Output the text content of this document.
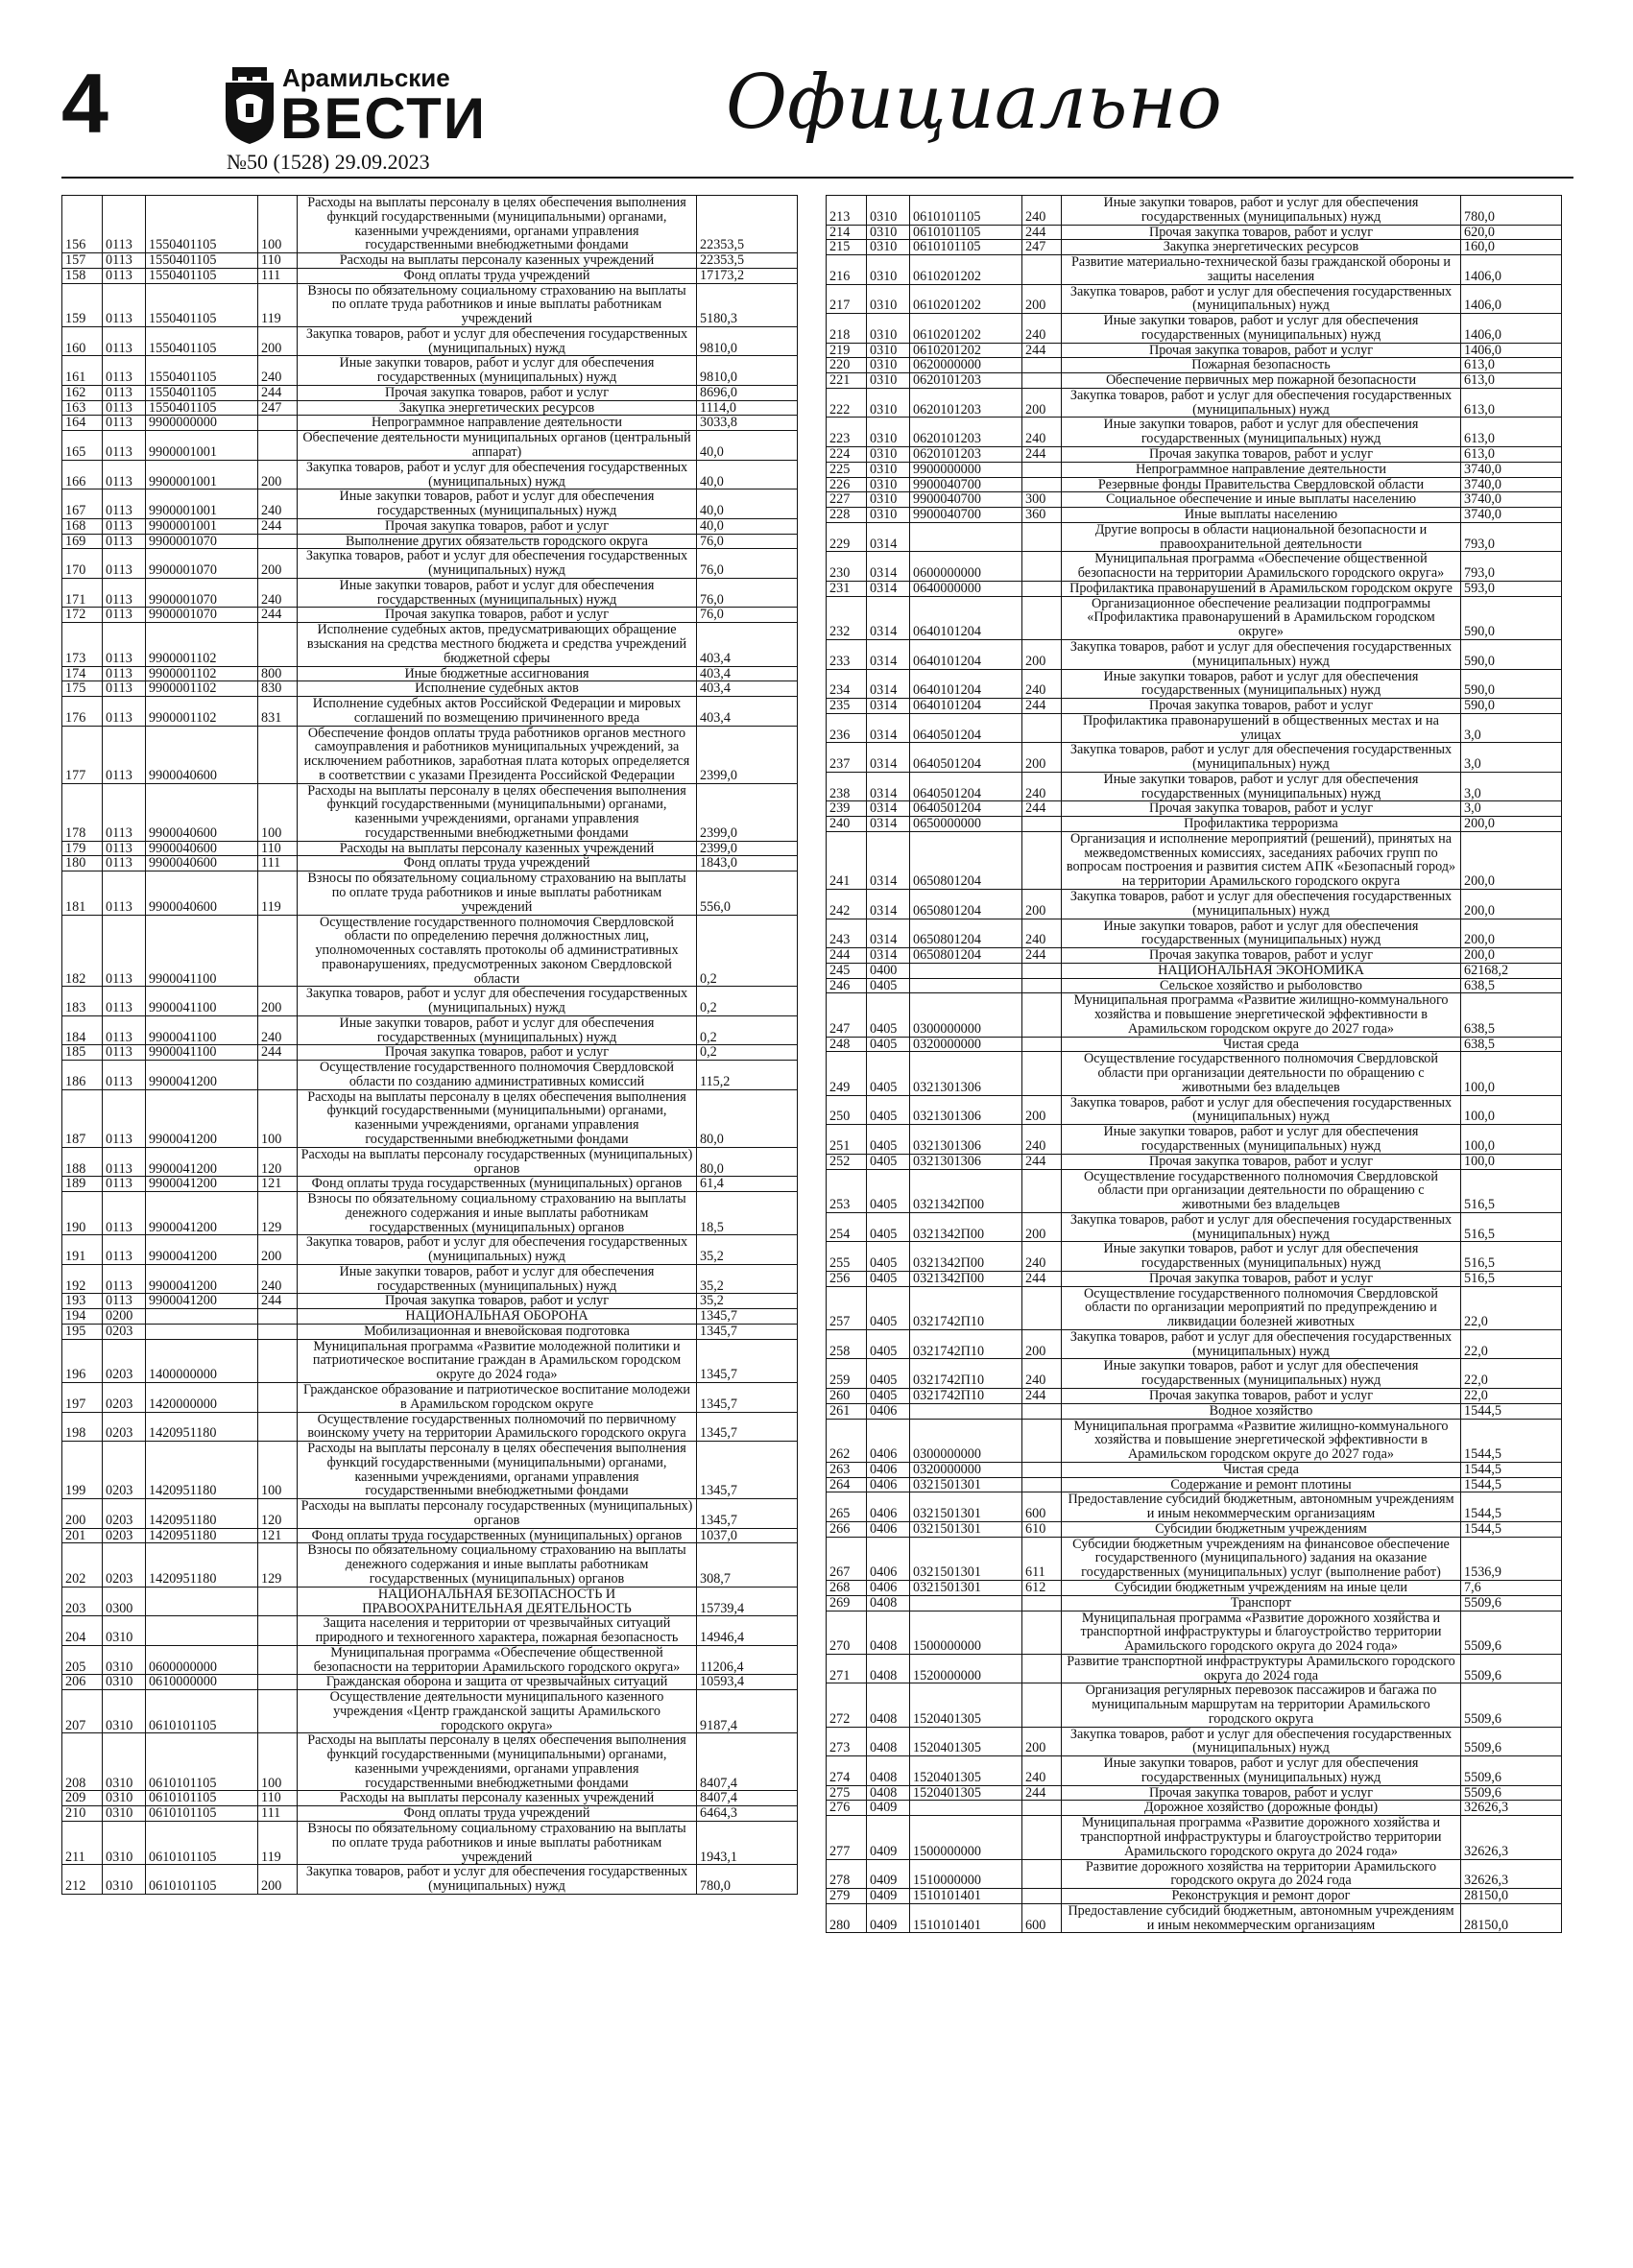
4	Арамильские
ВЕСТИ
№50 (1528) 29.09.2023
Официально
156	0113	1550401105	100	Расходы на выплаты персоналу в целях обеспечения выполнения функций государственными (муниципальными) органами, казенными учреждениями, органами управления государственными внебюджетными фондами	22353,5
157	0113	1550401105	110	Расходы на выплаты персоналу казенных учреждений	22353,5
158	0113	1550401105	111	Фонд оплаты труда учреждений	17173,2
159	0113	1550401105	119	Взносы по обязательному социальному страхованию на выплаты по оплате труда работников и иные выплаты работникам учреждений	5180,3
160	0113	1550401105	200	Закупка товаров, работ и услуг для обеспечения государственных (муниципальных) нужд	9810,0
161	0113	1550401105	240	Иные закупки товаров, работ и услуг для обеспечения государственных (муниципальных) нужд	9810,0
162	0113	1550401105	244	Прочая закупка товаров, работ и услуг	8696,0
163	0113	1550401105	247	Закупка энергетических ресурсов	1114,0
164	0113	9900000000		Непрограммное направление деятельности	3033,8
165	0113	9900001001		Обеспечение деятельности муниципальных органов (центральный аппарат)	40,0
166	0113	9900001001	200	Закупка товаров, работ и услуг для обеспечения государственных (муниципальных) нужд	40,0
167	0113	9900001001	240	Иные закупки товаров, работ и услуг для обеспечения государственных (муниципальных) нужд	40,0
168	0113	9900001001	244	Прочая закупка товаров, работ и услуг	40,0
169	0113	9900001070		Выполнение других обязательств городского округа	76,0
170	0113	9900001070	200	Закупка товаров, работ и услуг для обеспечения государственных (муниципальных) нужд	76,0
171	0113	9900001070	240	Иные закупки товаров, работ и услуг для обеспечения государственных (муниципальных) нужд	76,0
172	0113	9900001070	244	Прочая закупка товаров, работ и услуг	76,0
173	0113	9900001102		Исполнение судебных актов, предусматривающих обращение взыскания на средства местного бюджета и средства учреждений бюджетной сферы	403,4
174	0113	9900001102	800	Иные бюджетные ассигнования	403,4
175	0113	9900001102	830	Исполнение судебных актов	403,4
176	0113	9900001102	831	Исполнение судебных актов Российской Федерации и мировых соглашений по возмещению причиненного вреда	403,4
177	0113	9900040600		Обеспечение фондов оплаты труда работников органов местного самоуправления и работников муниципальных учреждений, за исключением работников, заработная плата которых определяется в соответствии с указами Президента Российской Федерации	2399,0
178	0113	9900040600	100	Расходы на выплаты персоналу в целях обеспечения выполнения функций государственными (муниципальными) органами, казенными учреждениями, органами управления государственными внебюджетными фондами	2399,0
179	0113	9900040600	110	Расходы на выплаты персоналу казенных учреждений	2399,0
180	0113	9900040600	111	Фонд оплаты труда учреждений	1843,0
181	0113	9900040600	119	Взносы по обязательному социальному страхованию на выплаты по оплате труда работников и иные выплаты работникам учреждений	556,0
182	0113	9900041100		Осуществление государственного полномочия Свердловской области по определению перечня должностных лиц, уполномоченных составлять протоколы об административных правонарушениях, предусмотренных законом Свердловской области	0,2
183	0113	9900041100	200	Закупка товаров, работ и услуг для обеспечения государственных (муниципальных) нужд	0,2
184	0113	9900041100	240	Иные закупки товаров, работ и услуг для обеспечения государственных (муниципальных) нужд	0,2
185	0113	9900041100	244	Прочая закупка товаров, работ и услуг	0,2
186	0113	9900041200		Осуществление государственного полномочия Свердловской области по созданию административных комиссий	115,2
187	0113	9900041200	100	Расходы на выплаты персоналу в целях обеспечения выполнения функций государственными (муниципальными) органами, казенными учреждениями, органами управления государственными внебюджетными фондами	80,0
188	0113	9900041200	120	Расходы на выплаты персоналу государственных (муниципальных) органов	80,0
189	0113	9900041200	121	Фонд оплаты труда государственных (муниципальных) органов	61,4
190	0113	9900041200	129	Взносы по обязательному социальному страхованию на выплаты денежного содержания и иные выплаты работникам государственных (муниципальных) органов	18,5
191	0113	9900041200	200	Закупка товаров, работ и услуг для обеспечения государственных (муниципальных) нужд	35,2
192	0113	9900041200	240	Иные закупки товаров, работ и услуг для обеспечения государственных (муниципальных) нужд	35,2
193	0113	9900041200	244	Прочая закупка товаров, работ и услуг	35,2
194	0200			НАЦИОНАЛЬНАЯ ОБОРОНА	1345,7
195	0203			Мобилизационная и вневойсковая подготовка	1345,7
196	0203	1400000000		Муниципальная программа «Развитие молодежной политики и патриотическое воспитание граждан в Арамильском городском округе до 2024 года»	1345,7
197	0203	1420000000		Гражданское образование и патриотическое воспитание молодежи в Арамильском городском округе	1345,7
198	0203	1420951180		Осуществление государственных полномочий по первичному воинскому учету на территории Арамильского городского округа	1345,7
199	0203	1420951180	100	Расходы на выплаты персоналу в целях обеспечения выполнения функций государственными (муниципальными) органами, казенными учреждениями, органами управления государственными внебюджетными фондами	1345,7
200	0203	1420951180	120	Расходы на выплаты персоналу государственных (муниципальных) органов	1345,7
201	0203	1420951180	121	Фонд оплаты труда государственных (муниципальных) органов	1037,0
202	0203	1420951180	129	Взносы по обязательному социальному страхованию на выплаты денежного содержания и иные выплаты работникам государственных (муниципальных) органов	308,7
203	0300			НАЦИОНАЛЬНАЯ БЕЗОПАСНОСТЬ И ПРАВООХРАНИТЕЛЬНАЯ ДЕЯТЕЛЬНОСТЬ	15739,4
204	0310			Защита населения и территории от чрезвычайных ситуаций природного и техногенного характера, пожарная безопасность	14946,4
205	0310	0600000000		Муниципальная программа «Обеспечение общественной безопасности на территории Арамильского городского округа»	11206,4
206	0310	0610000000		Гражданская оборона и защита от чрезвычайных ситуаций	10593,4
207	0310	0610101105		Осуществление деятельности муниципального казенного учреждения «Центр гражданской защиты Арамильского городского округа»	9187,4
208	0310	0610101105	100	Расходы на выплаты персоналу в целях обеспечения выполнения функций государственными (муниципальными) органами, казенными учреждениями, органами управления государственными внебюджетными фондами	8407,4
209	0310	0610101105	110	Расходы на выплаты персоналу казенных учреждений	8407,4
210	0310	0610101105	111	Фонд оплаты труда учреждений	6464,3
211	0310	0610101105	119	Взносы по обязательному социальному страхованию на выплаты по оплате труда работников и иные выплаты работникам учреждений	1943,1
212	0310	0610101105	200	Закупка товаров, работ и услуг для обеспечения государственных (муниципальных) нужд	780,0
213	0310	0610101105	240	Иные закупки товаров, работ и услуг для обеспечения государственных (муниципальных) нужд	780,0
214	0310	0610101105	244	Прочая закупка товаров, работ и услуг	620,0
215	0310	0610101105	247	Закупка энергетических ресурсов	160,0
216	0310	0610201202		Развитие материально-технической базы гражданской обороны и защиты населения	1406,0
217	0310	0610201202	200	Закупка товаров, работ и услуг для обеспечения государственных (муниципальных) нужд	1406,0
218	0310	0610201202	240	Иные закупки товаров, работ и услуг для обеспечения государственных (муниципальных) нужд	1406,0
219	0310	0610201202	244	Прочая закупка товаров, работ и услуг	1406,0
220	0310	0620000000		Пожарная безопасность	613,0
221	0310	0620101203		Обеспечение первичных мер пожарной безопасности	613,0
222	0310	0620101203	200	Закупка товаров, работ и услуг для обеспечения государственных (муниципальных) нужд	613,0
223	0310	0620101203	240	Иные закупки товаров, работ и услуг для обеспечения государственных (муниципальных) нужд	613,0
224	0310	0620101203	244	Прочая закупка товаров, работ и услуг	613,0
225	0310	9900000000		Непрограммное направление деятельности	3740,0
226	0310	9900040700		Резервные фонды Правительства Свердловской области	3740,0
227	0310	9900040700	300	Социальное обеспечение и иные выплаты населению	3740,0
228	0310	9900040700	360	Иные выплаты населению	3740,0
229	0314			Другие вопросы в области национальной безопасности и правоохранительной деятельности	793,0
230	0314	0600000000		Муниципальная программа «Обеспечение общественной безопасности на территории Арамильского городского округа»	793,0
231	0314	0640000000		Профилактика правонарушений в Арамильском городском округе	593,0
232	0314	0640101204		Организационное обеспечение реализации подпрограммы «Профилактика правонарушений в Арамильском городском округе»	590,0
233	0314	0640101204	200	Закупка товаров, работ и услуг для обеспечения государственных (муниципальных) нужд	590,0
234	0314	0640101204	240	Иные закупки товаров, работ и услуг для обеспечения государственных (муниципальных) нужд	590,0
235	0314	0640101204	244	Прочая закупка товаров, работ и услуг	590,0
236	0314	0640501204		Профилактика правонарушений в общественных местах и на улицах	3,0
237	0314	0640501204	200	Закупка товаров, работ и услуг для обеспечения государственных (муниципальных) нужд	3,0
238	0314	0640501204	240	Иные закупки товаров, работ и услуг для обеспечения государственных (муниципальных) нужд	3,0
239	0314	0640501204	244	Прочая закупка товаров, работ и услуг	3,0
240	0314	0650000000		Профилактика терроризма	200,0
241	0314	0650801204		Организация и исполнение мероприятий (решений), принятых на межведомственных комиссиях, заседаниях рабочих групп по вопросам построения и развития систем АПК «Безопасный город» на территории Арамильского городского округа	200,0
242	0314	0650801204	200	Закупка товаров, работ и услуг для обеспечения государственных (муниципальных) нужд	200,0
243	0314	0650801204	240	Иные закупки товаров, работ и услуг для обеспечения государственных (муниципальных) нужд	200,0
244	0314	0650801204	244	Прочая закупка товаров, работ и услуг	200,0
245	0400			НАЦИОНАЛЬНАЯ ЭКОНОМИКА	62168,2
246	0405			Сельское хозяйство и рыболовство	638,5
247	0405	0300000000		Муниципальная программа «Развитие жилищно-коммунального хозяйства и повышение энергетической эффективности в Арамильском городском округе до 2027 года»	638,5
248	0405	0320000000		Чистая среда	638,5
249	0405	0321301306		Осуществление государственного полномочия Свердловской области при организации деятельности по обращению с животными без владельцев	100,0
250	0405	0321301306	200	Закупка товаров, работ и услуг для обеспечения государственных (муниципальных) нужд	100,0
251	0405	0321301306	240	Иные закупки товаров, работ и услуг для обеспечения государственных (муниципальных) нужд	100,0
252	0405	0321301306	244	Прочая закупка товаров, работ и услуг	100,0
253	0405	0321342П00		Осуществление государственного полномочия Свердловской области при организации деятельности по обращению с животными без владельцев	516,5
254	0405	0321342П00	200	Закупка товаров, работ и услуг для обеспечения государственных (муниципальных) нужд	516,5
255	0405	0321342П00	240	Иные закупки товаров, работ и услуг для обеспечения государственных (муниципальных) нужд	516,5
256	0405	0321342П00	244	Прочая закупка товаров, работ и услуг	516,5
257	0405	0321742П10		Осуществление государственного полномочия Свердловской области по организации мероприятий по предупреждению и ликвидации болезней животных	22,0
258	0405	0321742П10	200	Закупка товаров, работ и услуг для обеспечения государственных (муниципальных) нужд	22,0
259	0405	0321742П10	240	Иные закупки товаров, работ и услуг для обеспечения государственных (муниципальных) нужд	22,0
260	0405	0321742П10	244	Прочая закупка товаров, работ и услуг	22,0
261	0406			Водное хозяйство	1544,5
262	0406	0300000000		Муниципальная программа «Развитие жилищно-коммунального хозяйства и повышение энергетической эффективности в Арамильском городском округе до 2027 года»	1544,5
263	0406	0320000000		Чистая среда	1544,5
264	0406	0321501301		Содержание и ремонт плотины	1544,5
265	0406	0321501301	600	Предоставление субсидий бюджетным, автономным учреждениям и иным некоммерческим организациям	1544,5
266	0406	0321501301	610	Субсидии бюджетным учреждениям	1544,5
267	0406	0321501301	611	Субсидии бюджетным учреждениям на финансовое обеспечение государственного (муниципального) задания на оказание государственных (муниципальных) услуг (выполнение работ)	1536,9
268	0406	0321501301	612	Субсидии бюджетным учреждениям на иные цели	7,6
269	0408			Транспорт	5509,6
270	0408	1500000000		Муниципальная программа «Развитие дорожного хозяйства и транспортной инфраструктуры и благоустройство территории Арамильского городского округа до 2024 года»	5509,6
271	0408	1520000000		Развитие транспортной инфраструктуры Арамильского городского округа до 2024 года	5509,6
272	0408	1520401305		Организация регулярных перевозок пассажиров и багажа по муниципальным маршрутам на территории Арамильского городского округа	5509,6
273	0408	1520401305	200	Закупка товаров, работ и услуг для обеспечения государственных (муниципальных) нужд	5509,6
274	0408	1520401305	240	Иные закупки товаров, работ и услуг для обеспечения государственных (муниципальных) нужд	5509,6
275	0408	1520401305	244	Прочая закупка товаров, работ и услуг	5509,6
276	0409			Дорожное хозяйство (дорожные фонды)	32626,3
277	0409	1500000000		Муниципальная программа «Развитие дорожного хозяйства и транспортной инфраструктуры и благоустройство территории Арамильского городского округа до 2024 года»	32626,3
278	0409	1510000000		Развитие дорожного хозяйства на территории Арамильского городского округа до 2024 года	32626,3
279	0409	1510101401		Реконструкция и ремонт дорог	28150,0
280	0409	1510101401	600	Предоставление субсидий бюджетным, автономным учреждениям и иным некоммерческим организациям	28150,0
